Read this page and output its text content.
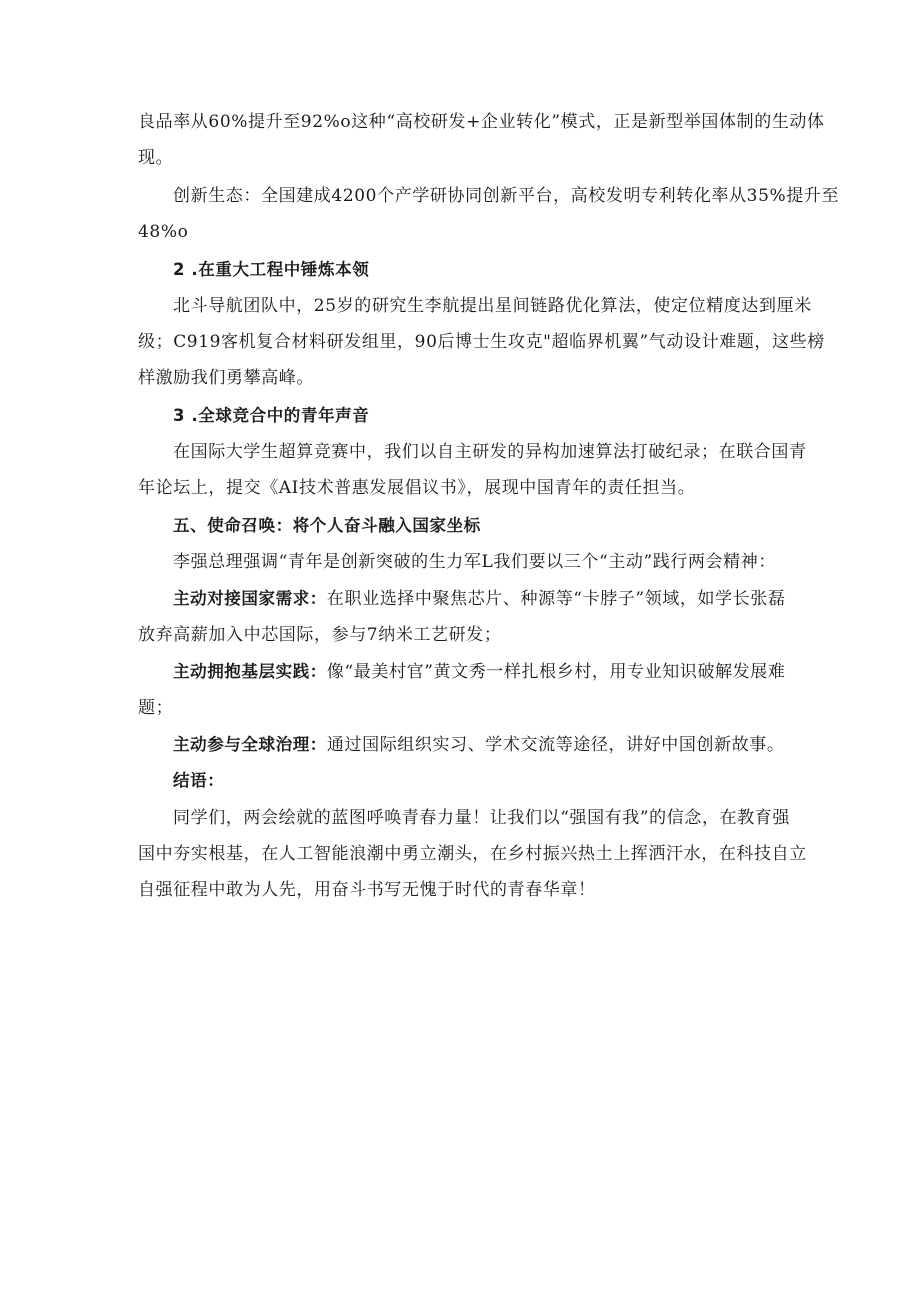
良品率从60%提升至92%o这种“高校研发+企业转化”模式，正是新型举国体制的生动体
现。
创新生态：全国建成4200个产学研协同创新平台，高校发明专利转化率从35%提升至
48%o
2 .在重大工程中锤炼本领
北斗导航团队中，25岁的研究生李航提出星间链路优化算法，使定位精度达到厘米
级；C919客机复合材料研发组里，90后博士生攻克"超临界机翼”气动设计难题，这些榜
样激励我们勇攀高峰。
3 .全球竞合中的青年声音
在国际大学生超算竞赛中，我们以自主研发的异构加速算法打破纪录；在联合国青
年论坛上，提交《AI技术普惠发展倡议书》，展现中国青年的责任担当。
五、使命召唤：将个人奋斗融入国家坐标
李强总理强调“青年是创新突破的生力军L我们要以三个“主动”践行两会精神：
主动对接国家需求：在职业选择中聚焦芯片、种源等“卡脖子”领域，如学长张磊
放弃高薪加入中芯国际，参与7纳米工艺研发；
主动拥抱基层实践：像“最美村官”黄文秀一样扎根乡村，用专业知识破解发展难
题；
主动参与全球治理：通过国际组织实习、学术交流等途径，讲好中国创新故事。
结语：
同学们，两会绘就的蓝图呼唤青春力量！让我们以“强国有我”的信念，在教育强
国中夯实根基，在人工智能浪潮中勇立潮头，在乡村振兴热土上挥洒汗水，在科技自立
自强征程中敢为人先，用奋斗书写无愧于时代的青春华章！
